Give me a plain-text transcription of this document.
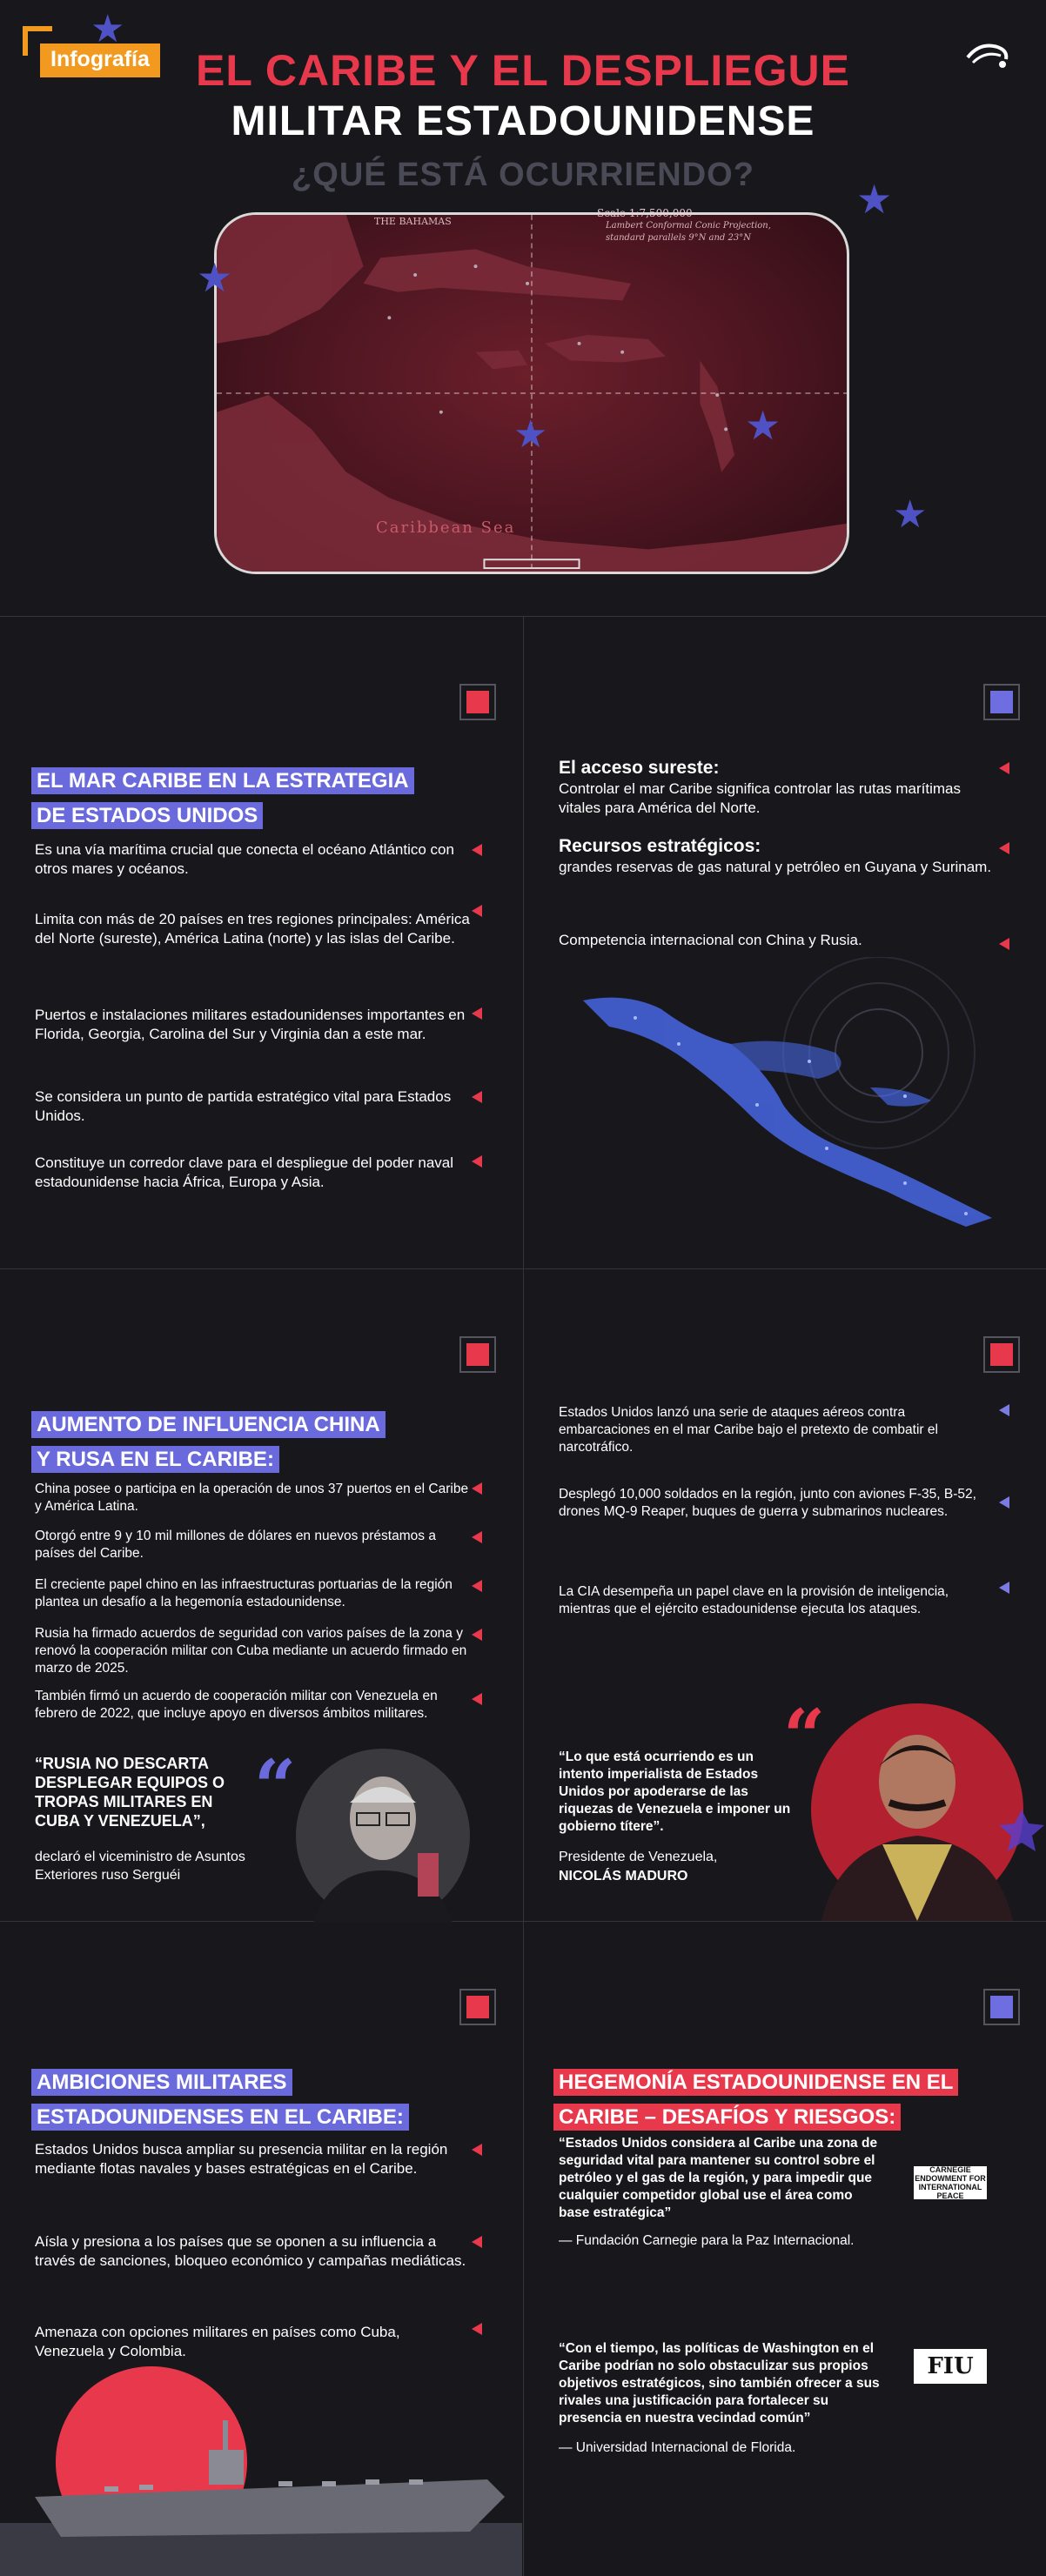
Infografía
★
EL CARIBE Y EL DESPLIEGUE
MILITAR ESTADOUNIDENSE
¿QUÉ ESTÁ OCURRIENDO?
THE BAHAMAS
Scale 1:7,500,000
Lambert Conformal Conic Projection,
standard parallels 9°N and 23°N
Caribbean Sea
★
★
★	★
★
EL MAR CARIBE EN LA ESTRATEGIA
DE ESTADOS UNIDOS
Es una vía marítima crucial que conecta el océano Atlántico con otros mares y océanos.
Limita con más de 20 países en tres regiones principales: América del Norte (sureste), América Latina (norte) y las islas del Caribe.
Puertos e instalaciones militares estadounidenses importantes en Florida, Georgia, Carolina del Sur y Virginia dan a este mar.
Se considera un punto de partida estratégico vital para Estados Unidos.
Constituye un corredor clave para el despliegue del poder naval estadounidense hacia África, Europa y Asia.
El acceso sureste:
Controlar el mar Caribe significa controlar las rutas marítimas vitales para América del Norte.
Recursos estratégicos:
grandes reservas de gas natural y petróleo en Guyana y Surinam.
Competencia internacional con China y Rusia.
AUMENTO DE INFLUENCIA CHINA
Y RUSA EN EL CARIBE:
China posee o participa en la operación de unos 37 puertos en el Caribe y América Latina.
Otorgó entre 9 y 10 mil millones de dólares en nuevos préstamos a países del Caribe.
El creciente papel chino en las infraestructuras portuarias de la región plantea un desafío a la hegemonía estadounidense.
Rusia ha firmado acuerdos de seguridad con varios países de la zona y renovó la cooperación militar con Cuba mediante un acuerdo firmado en marzo de 2025.
También firmó un acuerdo de cooperación militar con Venezuela en febrero de 2022, que incluye apoyo en diversos ámbitos militares.
“RUSIA NO DESCARTA DESPLEGAR EQUIPOS O TROPAS MILITARES EN CUBA Y VENEZUELA”,
declaró el viceministro de Asuntos Exteriores ruso Serguéi
“
Estados Unidos lanzó una serie de ataques aéreos contra embarcaciones en el mar Caribe bajo el pretexto de combatir el narcotráfico.
Desplegó 10,000 soldados en la región, junto con aviones F-35, B-52, drones MQ-9 Reaper, buques de guerra y submarinos nucleares.
La CIA desempeña un papel clave en la provisión de inteligencia, mientras que el ejército estadounidense ejecuta los ataques.
“Lo que está ocurriendo es un intento imperialista de Estados Unidos por apoderarse de las riquezas de Venezuela e imponer un gobierno títere”.
Presidente de Venezuela,
NICOLÁS MADURO
“
AMBICIONES MILITARES
ESTADOUNIDENSES EN EL CARIBE:
Estados Unidos busca ampliar su presencia militar en la región mediante flotas navales y bases estratégicas en el Caribe.
Aísla y presiona a los países que se oponen a su influencia a través de sanciones, bloqueo económico y campañas mediáticas.
Amenaza con opciones militares en países como Cuba, Venezuela y Colombia.
HEGEMONÍA ESTADOUNIDENSE EN EL
CARIBE – DESAFÍOS Y RIESGOS:
“Estados Unidos considera al Caribe una zona de seguridad vital para mantener su control sobre el petróleo y el gas de la región, y para impedir que cualquier competidor global use el área como base estratégica”
— Fundación Carnegie para la Paz Internacional.
CARNEGIE ENDOWMENT FOR INTERNATIONAL PEACE
“Con el tiempo, las políticas de Washington en el Caribe podrían no solo obstaculizar sus propios objetivos estratégicos, sino también ofrecer a sus rivales una justificación para fortalecer su presencia en nuestra vecindad común”
— Universidad Internacional de Florida.
FIU
